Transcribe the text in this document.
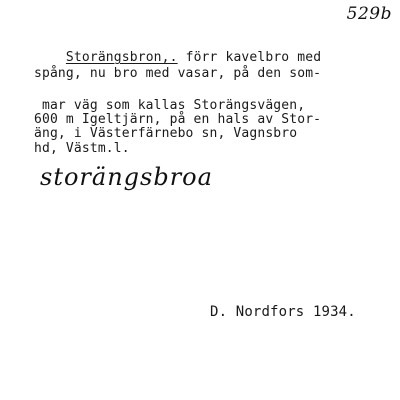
529b

Storängsbron,. förr kavelbro med

spång, nu bro med vasar, på den som-
mar väg som kallas Storängsvägen,
600 m Igeltjärn, på en hals av Stor-
äng, i Västerfärnebo sn, Vagnsbro
hd, Västm.l.
storängsbroa
D. Nordfors 1934.
